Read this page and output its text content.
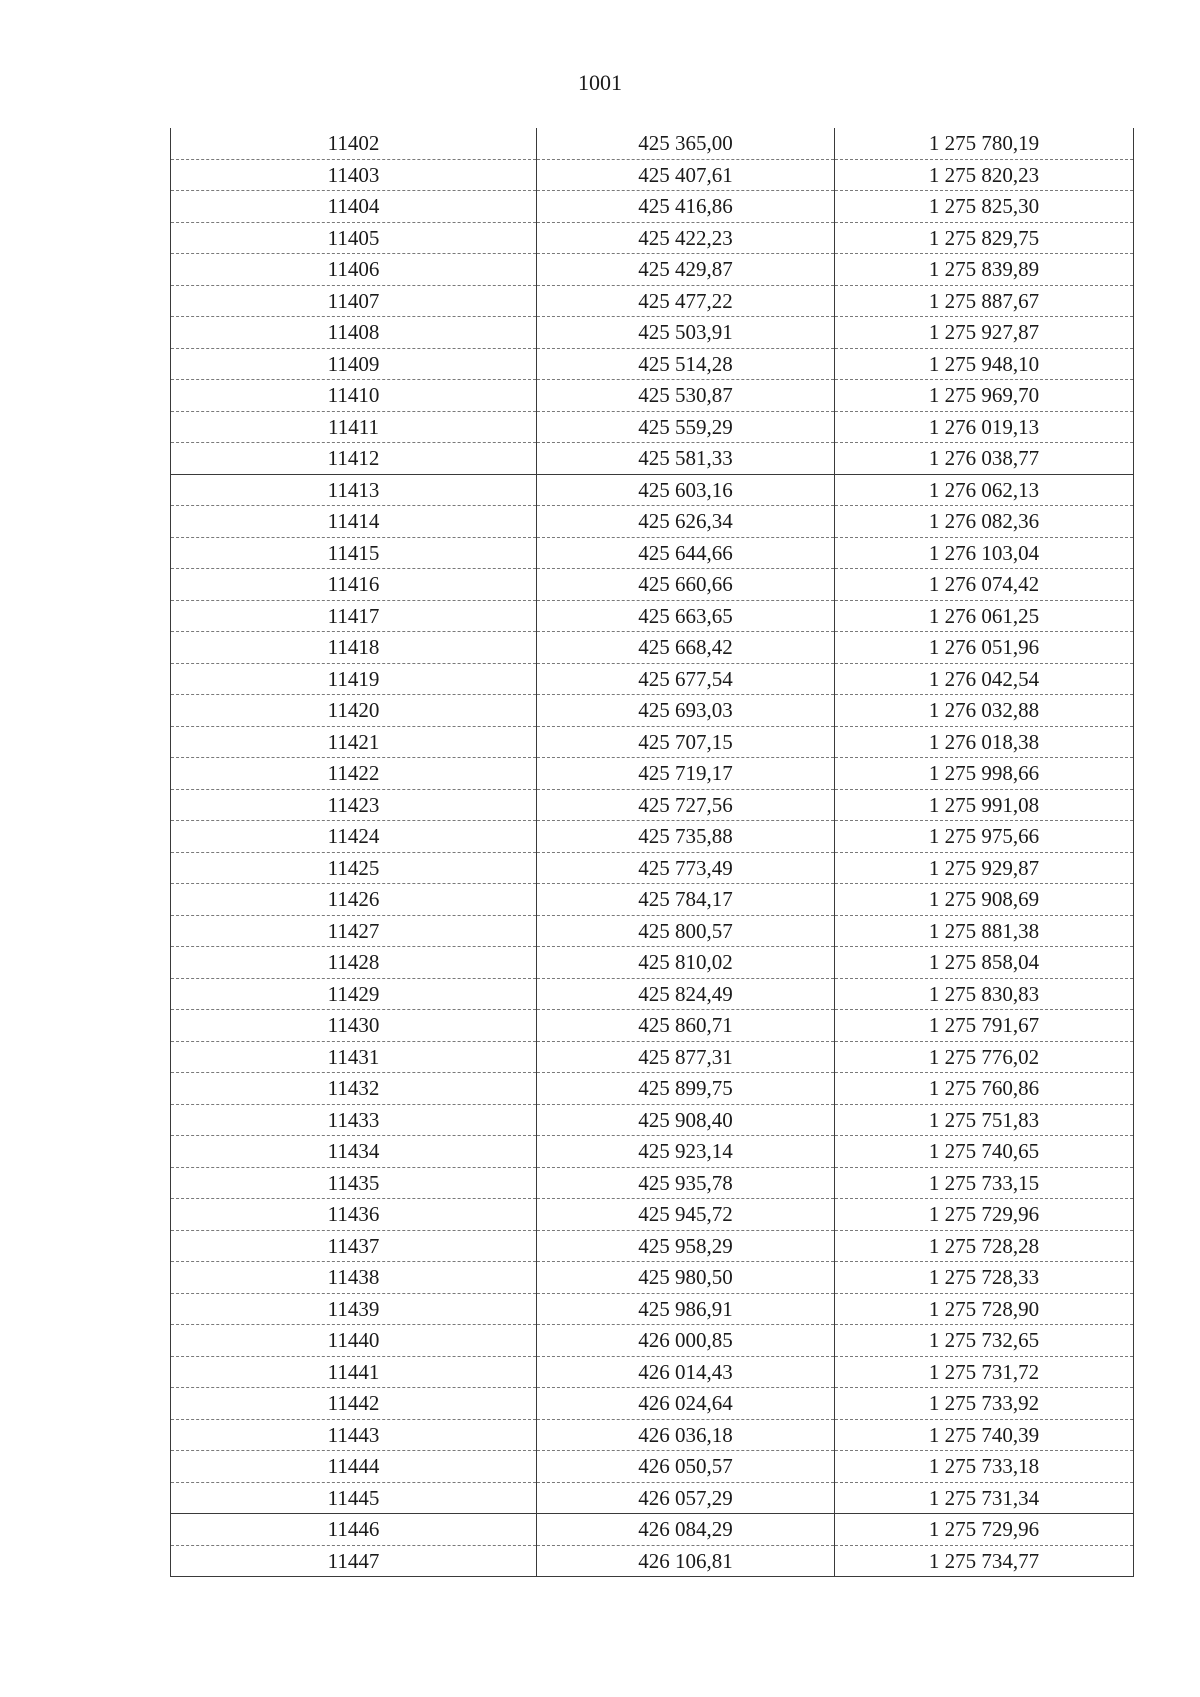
1001
11402	425 365,00	1 275 780,19
11403	425 407,61	1 275 820,23
11404	425 416,86	1 275 825,30
11405	425 422,23	1 275 829,75
11406	425 429,87	1 275 839,89
11407	425 477,22	1 275 887,67
11408	425 503,91	1 275 927,87
11409	425 514,28	1 275 948,10
11410	425 530,87	1 275 969,70
11411	425 559,29	1 276 019,13
11412	425 581,33	1 276 038,77
11413	425 603,16	1 276 062,13
11414	425 626,34	1 276 082,36
11415	425 644,66	1 276 103,04
11416	425 660,66	1 276 074,42
11417	425 663,65	1 276 061,25
11418	425 668,42	1 276 051,96
11419	425 677,54	1 276 042,54
11420	425 693,03	1 276 032,88
11421	425 707,15	1 276 018,38
11422	425 719,17	1 275 998,66
11423	425 727,56	1 275 991,08
11424	425 735,88	1 275 975,66
11425	425 773,49	1 275 929,87
11426	425 784,17	1 275 908,69
11427	425 800,57	1 275 881,38
11428	425 810,02	1 275 858,04
11429	425 824,49	1 275 830,83
11430	425 860,71	1 275 791,67
11431	425 877,31	1 275 776,02
11432	425 899,75	1 275 760,86
11433	425 908,40	1 275 751,83
11434	425 923,14	1 275 740,65
11435	425 935,78	1 275 733,15
11436	425 945,72	1 275 729,96
11437	425 958,29	1 275 728,28
11438	425 980,50	1 275 728,33
11439	425 986,91	1 275 728,90
11440	426 000,85	1 275 732,65
11441	426 014,43	1 275 731,72
11442	426 024,64	1 275 733,92
11443	426 036,18	1 275 740,39
11444	426 050,57	1 275 733,18
11445	426 057,29	1 275 731,34
11446	426 084,29	1 275 729,96
11447	426 106,81	1 275 734,77
